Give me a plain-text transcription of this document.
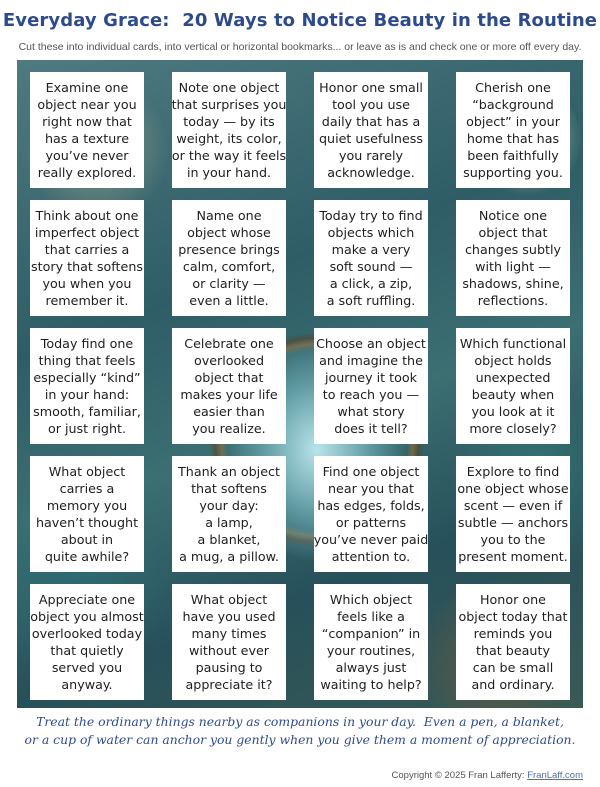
Everyday Grace:  20 Ways to Notice Beauty in the Routine
Cut these into individual cards, into vertical or horizontal bookmarks... or leave as is and check one or more off every day.
Examine one
object near you
right now that
has a texture
you’ve never
really explored.
Note one object
that surprises you
today — by its
weight, its color,
or the way it feels
in your hand.
Honor one small
tool you use
daily that has a
quiet usefulness
you rarely
acknowledge.
Cherish one
“background
object” in your
home that has
been faithfully
supporting you.
Think about one
imperfect object
that carries a
story that softens
you when you
remember it.
Name one
object whose
presence brings
calm, comfort,
or clarity —
even a little.
Today try to find
objects which
make a very
soft sound —
a click, a zip,
a soft ruffling.
Notice one
object that
changes subtly
with light —
shadows, shine,
reflections.
Today find one
thing that feels
especially “kind”
in your hand:
smooth, familiar,
or just right.
Celebrate one
overlooked
object that
makes your life
easier than
you realize.
Choose an object
and imagine the
journey it took
to reach you —
what story
does it tell?
Which functional
object holds
unexpected
beauty when
you look at it
more closely?
What object
carries a
memory you
haven’t thought
about in
quite awhile?
Thank an object
that softens
your day:
a lamp,
a blanket,
a mug, a pillow.
Find one object
near you that
has edges, folds,
or patterns
you’ve never paid
attention to.
Explore to find
one object whose
scent — even if
subtle — anchors
you to the
present moment.
Appreciate one
object you almost
overlooked today
that quietly
served you
anyway.
What object
have you used
many times
without ever
pausing to
appreciate it?
Which object
feels like a
“companion” in
your routines,
always just
waiting to help?
Honor one
object today that
reminds you
that beauty
can be small
and ordinary.
Treat the ordinary things nearby as companions in your day.  Even a pen, a blanket,
or a cup of water can anchor you gently when you give them a moment of appreciation.
Copyright © 2025 Fran Lafferty: FranLaff.com
